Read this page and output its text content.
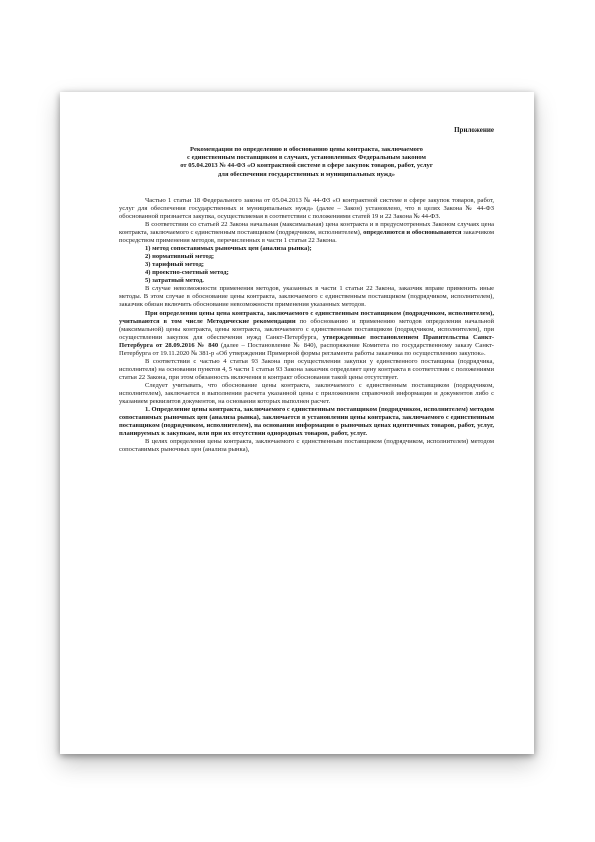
Приложение
Рекомендации по определению и обоснованию цены контракта, заключаемого
с единственным поставщиком в случаях, установленных Федеральным законом
от 05.04.2013 № 44-ФЗ «О контрактной системе в сфере закупок товаров, работ, услуг
для обеспечения государственных и муниципальных нужд»

Частью 1 статьи 18 Федерального закона от 05.04.2013 № 44-ФЗ «О контрактной системе в сфере закупок товаров, работ, услуг для обеспечения государственных и муниципальных нужд» (далее – Закон) установлено, что в целях Закона № 44-ФЗ обоснованной признается закупка, осуществляемая в соответствии с положениями статей 19 и 22 Закона № 44-ФЗ.

В соответствии со статьей 22 Закона начальная (максимальная) цена контракта и в предусмотренных Законом случаях цена контракта, заключаемого с единственным поставщиком (подрядчиком, исполнителем), определяются и обосновываются заказчиком посредством применения методов, перечисленных в части 1 статьи 22 Закона.

1) метод сопоставимых рыночных цен (анализа рынка);
2) нормативный метод;
3) тарифный метод;
4) проектно-сметный метод;
5) затратный метод.

В случае невозможности применения методов, указанных в части 1 статьи 22 Закона, заказчик вправе применить иные методы. В этом случае в обоснование цены контракта, заключаемого с единственным поставщиком (подрядчиком, исполнителем), заказчик обязан включить обоснование невозможности применения указанных методов.

При определении цены цена контракта, заключаемого с единственным поставщиком (подрядчиком, исполнителем), учитываются в том числе Методические рекомендации по обоснованию и применению методов определения начальной (максимальной) цены контракта, цены контракта, заключаемого с единственным поставщиком (подрядчиком, исполнителем), при осуществлении закупок для обеспечения нужд Санкт-Петербурга, утвержденные постановлением Правительства Санкт-Петербурга от 28.09.2016 № 840 (далее – Постановление № 840), распоряжение Комитета по государственному заказу Санкт-Петербурга от 19.11.2020 № 381-р «Об утверждении Примерной формы регламента работы заказчика по осуществлению закупок».

В соответствии с частью 4 статьи 93 Закона при осуществлении закупки у единственного поставщика (подрядчика, исполнителя) на основании пунктов 4, 5 части 1 статьи 93 Закона заказчик определяет цену контракта в соответствии с положениями статьи 22 Закона, при этом обязанность включения в контракт обоснования такой цены отсутствует.

Следует учитывать, что обоснование цены контракта, заключаемого с единственным поставщиком (подрядчиком, исполнителем), заключается в выполнении расчета указанной цены с приложением справочной информации и документов либо с указанием реквизитов документов, на основании которых выполнен расчет.

1. Определение цены контракта, заключаемого с единственным поставщиком (подрядчиком, исполнителем) методом сопоставимых рыночных цен (анализа рынка), заключается в установлении цены контракта, заключаемого с единственным поставщиком (подрядчиком, исполнителем), на основании информации о рыночных ценах идентичных товаров, работ, услуг, планируемых к закупкам, или при их отсутствии однородных товаров, работ, услуг.

В целях определения цены контракта, заключаемого с единственным поставщиком (подрядчиком, исполнителем) методом сопоставимых рыночных цен (анализа рынка),
